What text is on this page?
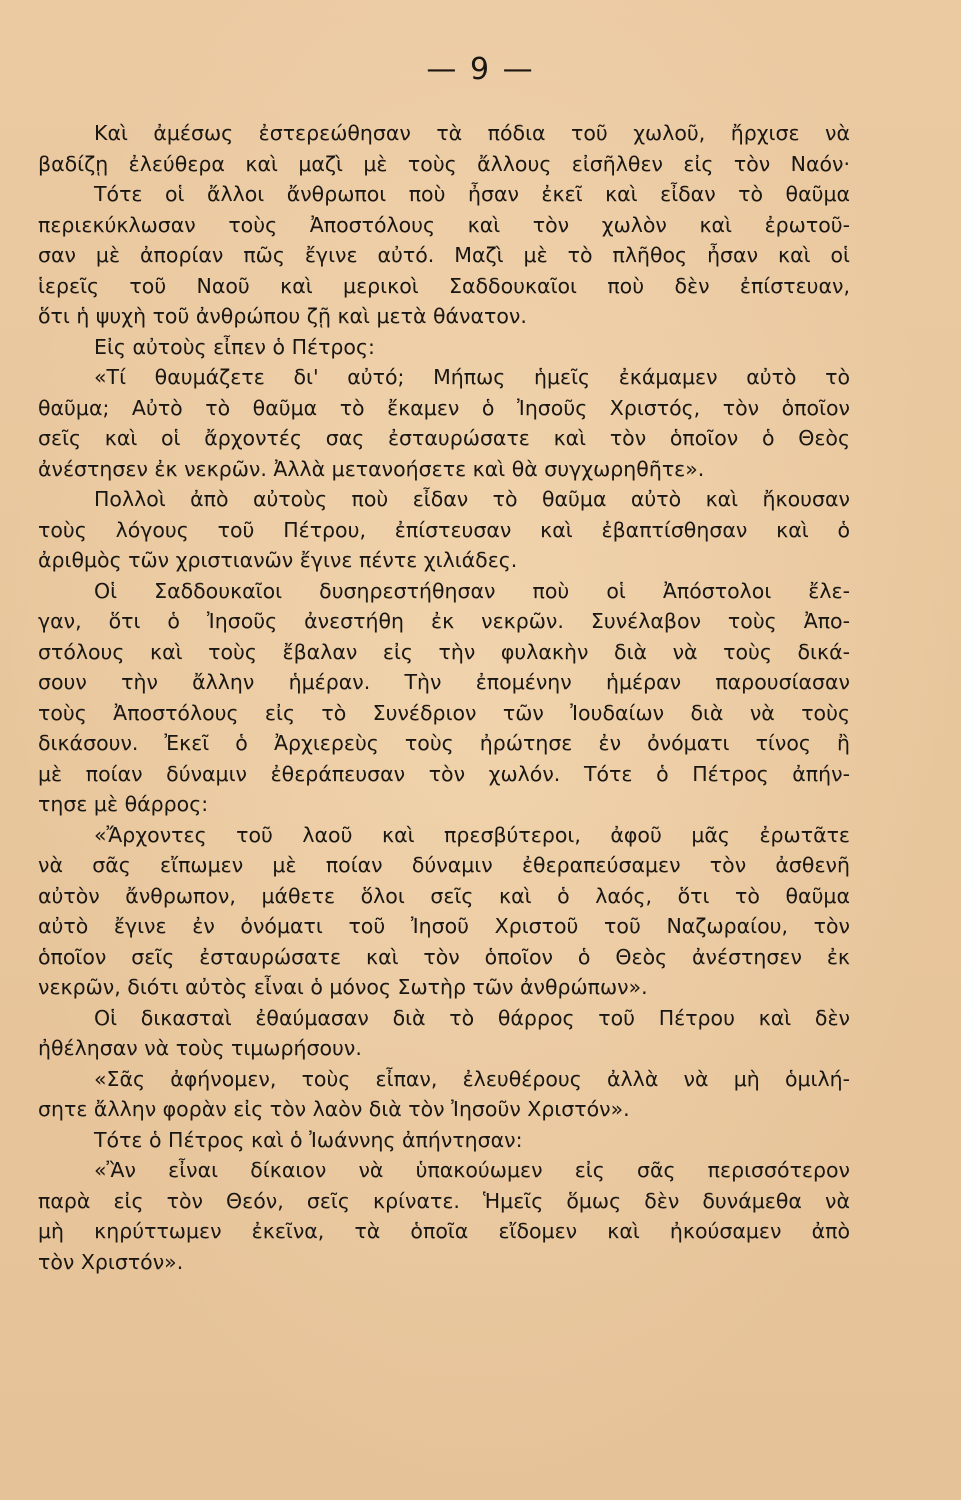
— 9 —
Καὶ ἀμέσως ἐστερεώθησαν τὰ πόδια τοῦ χωλοῦ, ἤρχισε νὰ
βαδίζῃ ἐλεύθερα καὶ μαζὶ μὲ τοὺς ἄλλους εἰσῆλθεν εἰς τὸν Ναόν·
Τότε οἱ ἄλλοι ἄνθρωποι ποὺ ἦσαν ἐκεῖ καὶ εἶδαν τὸ θαῦμα
περιεκύκλωσαν τοὺς Ἀποστόλους καὶ τὸν χωλὸν καὶ ἐρωτοῦ-
σαν μὲ ἀπορίαν πῶς ἔγινε αὐτό. Μαζὶ μὲ τὸ πλῆθος ἦσαν καὶ οἱ
ἱερεῖς τοῦ Ναοῦ καὶ μερικοὶ Σαδδουκαῖοι ποὺ δὲν ἐπίστευαν,
ὅτι ἡ ψυχὴ τοῦ ἀνθρώπου ζῇ καὶ μετὰ θάνατον.
Εἰς αὐτοὺς εἶπεν ὁ Πέτρος:
«Τί θαυμάζετε δι' αὐτό; Μήπως ἡμεῖς ἐκάμαμεν αὐτὸ τὸ
θαῦμα; Αὐτὸ τὸ θαῦμα τὸ ἔκαμεν ὁ Ἰησοῦς Χριστός, τὸν ὁποῖον
σεῖς καὶ οἱ ἄρχοντές σας ἐσταυρώσατε καὶ τὸν ὁποῖον ὁ Θεὸς
ἀνέστησεν ἐκ νεκρῶν. Ἀλλὰ μετανοήσετε καὶ θὰ συγχωρηθῆτε».
Πολλοὶ ἀπὸ αὐτοὺς ποὺ εἶδαν τὸ θαῦμα αὐτὸ καὶ ἤκουσαν
τοὺς λόγους τοῦ Πέτρου, ἐπίστευσαν καὶ ἐβαπτίσθησαν καὶ ὁ
ἀριθμὸς τῶν χριστιανῶν ἔγινε πέντε χιλιάδες.
Οἱ Σαδδουκαῖοι δυσηρεστήθησαν ποὺ οἱ Ἀπόστολοι ἔλε-
γαν, ὅτι ὁ Ἰησοῦς ἀνεστήθη ἐκ νεκρῶν. Συνέλαβον τοὺς Ἀπο-
στόλους καὶ τοὺς ἔβαλαν εἰς τὴν φυλακὴν διὰ νὰ τοὺς δικά-
σουν τὴν ἄλλην ἡμέραν. Τὴν ἐπομένην ἡμέραν παρουσίασαν
τοὺς Ἀποστόλους εἰς τὸ Συνέδριον τῶν Ἰουδαίων διὰ νὰ τοὺς
δικάσουν. Ἐκεῖ ὁ Ἀρχιερεὺς τοὺς ἠρώτησε ἐν ὀνόματι τίνος ἢ
μὲ ποίαν δύναμιν ἐθεράπευσαν τὸν χωλόν. Τότε ὁ Πέτρος ἀπήν-
τησε μὲ θάρρος:
«Ἄρχοντες τοῦ λαοῦ καὶ πρεσβύτεροι, ἀφοῦ μᾶς ἐρωτᾶτε
νὰ σᾶς εἴπωμεν μὲ ποίαν δύναμιν ἐθεραπεύσαμεν τὸν ἀσθενῆ
αὐτὸν ἄνθρωπον, μάθετε ὅλοι σεῖς καὶ ὁ λαός, ὅτι τὸ θαῦμα
αὐτὸ ἔγινε ἐν ὀνόματι τοῦ Ἰησοῦ Χριστοῦ τοῦ Ναζωραίου, τὸν
ὁποῖον σεῖς ἐσταυρώσατε καὶ τὸν ὁποῖον ὁ Θεὸς ἀνέστησεν ἐκ
νεκρῶν, διότι αὐτὸς εἶναι ὁ μόνος Σωτὴρ τῶν ἀνθρώπων».
Οἱ δικασταὶ ἐθαύμασαν διὰ τὸ θάρρος τοῦ Πέτρου καὶ δὲν
ἠθέλησαν νὰ τοὺς τιμωρήσουν.
«Σᾶς ἀφήνομεν, τοὺς εἶπαν, ἐλευθέρους ἀλλὰ νὰ μὴ ὁμιλή-
σητε ἄλλην φορὰν εἰς τὸν λαὸν διὰ τὸν Ἰησοῦν Χριστόν».
Τότε ὁ Πέτρος καὶ ὁ Ἰωάννης ἀπήντησαν:
«Ἂν εἶναι δίκαιον νὰ ὑπακούωμεν εἰς σᾶς περισσότερον
παρὰ εἰς τὸν Θεόν, σεῖς κρίνατε. Ἡμεῖς ὅμως δὲν δυνάμεθα νὰ
μὴ κηρύττωμεν ἐκεῖνα, τὰ ὁποῖα εἴδομεν καὶ ἠκούσαμεν ἀπὸ
τὸν Χριστόν».
